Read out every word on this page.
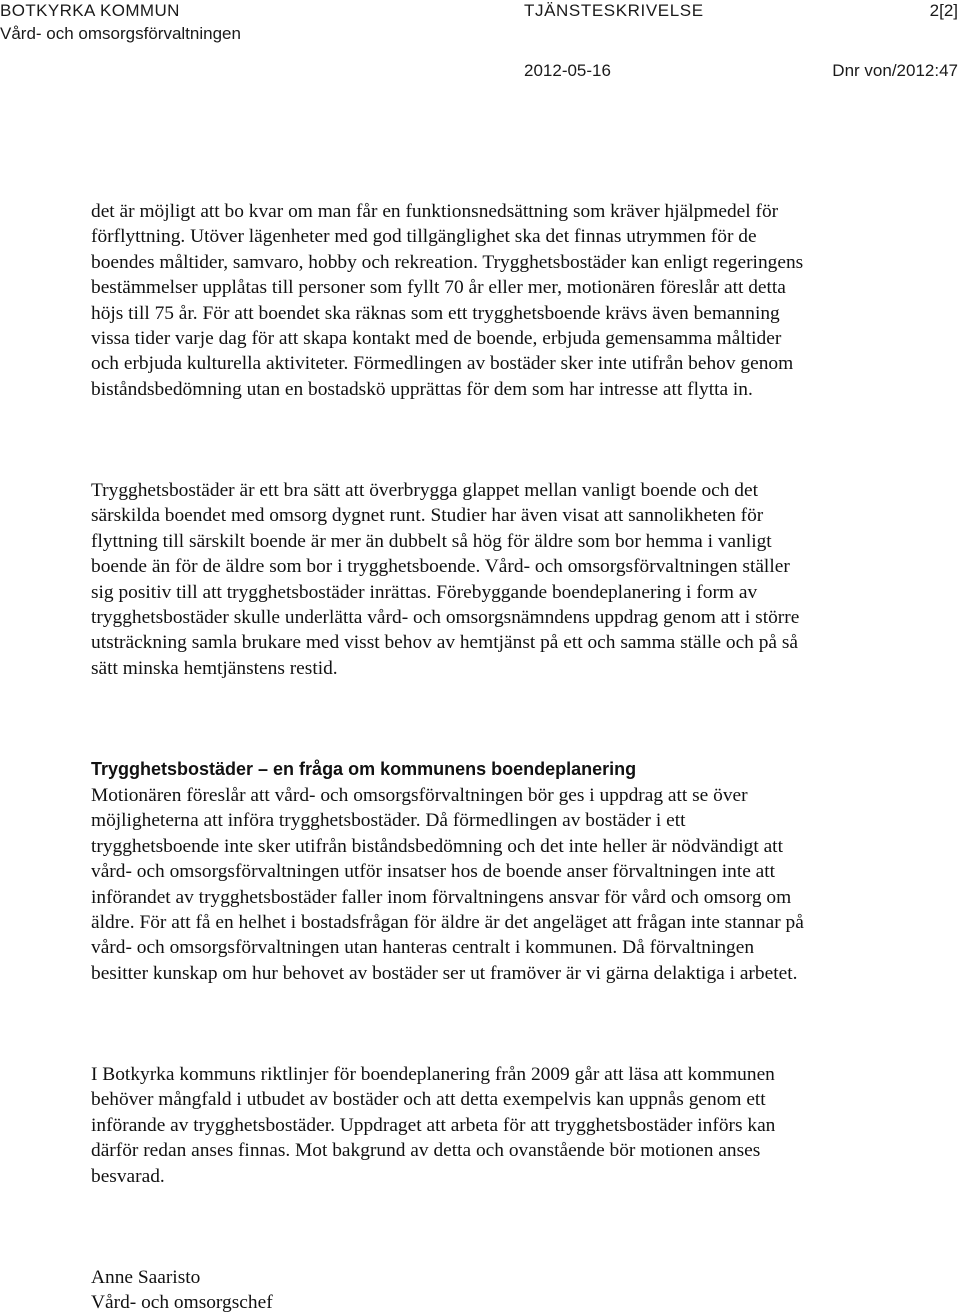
BOTKYRKA KOMMUN
Vård- och omsorgsförvaltningen
TJÄNSTESKRIVELSE	2[2]
2012-05-16	Dnr von/2012:47

det är möjligt att bo kvar om man får en funktionsnedsättning som kräver hjälpmedel för förflyttning. Utöver lägenheter med god tillgänglighet ska det finnas utrymmen för de boendes måltider, samvaro, hobby och rekreation. Trygghetsbostäder kan enligt regeringens bestämmelser upplåtas till personer som fyllt 70 år eller mer, motionären föreslår att detta höjs till 75 år. För att boendet ska räknas som ett trygghetsboende krävs även bemanning vissa tider varje dag för att skapa kontakt med de boende, erbjuda gemensamma måltider och erbjuda kulturella aktiviteter. Förmedlingen av bostäder sker inte utifrån behov genom biståndsbedömning utan en bostadskö upprättas för dem som har intresse att flytta in.

Trygghetsbostäder är ett bra sätt att överbrygga glappet mellan vanligt boende och det särskilda boendet med omsorg dygnet runt. Studier har även visat att sannolikheten för flyttning till särskilt boende är mer än dubbelt så hög för äldre som bor hemma i vanligt boende än för de äldre som bor i trygghetsboende. Vård- och omsorgsförvaltningen ställer sig positiv till att trygghetsbostäder inrättas. Förebyggande boendeplanering i form av trygghetsbostäder skulle underlätta vård- och omsorgsnämndens uppdrag genom att i större utsträckning samla brukare med visst behov av hemtjänst på ett och samma ställe och på så sätt minska hemtjänstens restid.

Trygghetsbostäder – en fråga om kommunens boendeplanering

Motionären föreslår att vård- och omsorgsförvaltningen bör ges i uppdrag att se över möjligheterna att införa trygghetsbostäder. Då förmedlingen av bostäder i ett trygghetsboende inte sker utifrån biståndsbedömning och det inte heller är nödvändigt att vård- och omsorgsförvaltningen utför insatser hos de boende anser förvaltningen inte att införandet av trygghetsbostäder faller inom förvaltningens ansvar för vård och omsorg om äldre. För att få en helhet i bostadsfrågan för äldre är det angeläget att frågan inte stannar på vård- och omsorgsförvaltningen utan hanteras centralt i kommunen. Då förvaltningen besitter kunskap om hur behovet av bostäder ser ut framöver är vi gärna delaktiga i arbetet.

I Botkyrka kommuns riktlinjer för boendeplanering från 2009 går att läsa att kommunen behöver mångfald i utbudet av bostäder och att detta exempelvis kan uppnås genom ett införande av trygghetsbostäder. Uppdraget att arbeta för att trygghetsbostäder införs kan därför redan anses finnas. Mot bakgrund av detta och ovanstående bör motionen anses besvarad.

Anne Saaristo
Vård- och omsorgschef
